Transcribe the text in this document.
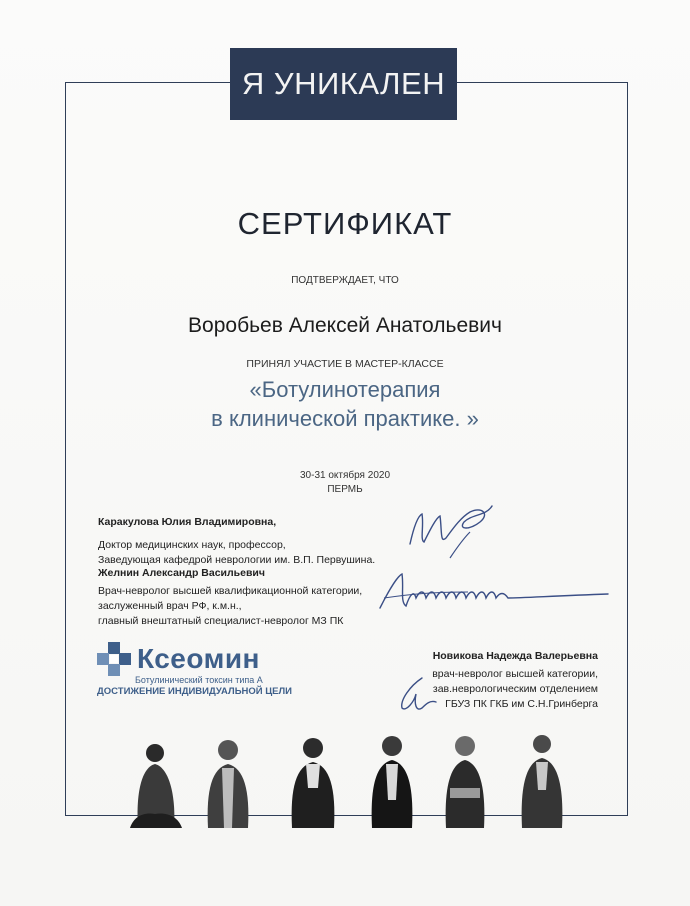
Я УНИКАЛЕН
СЕРТИФИКАТ
ПОДТВЕРЖДАЕТ, ЧТО
Воробьев Алексей Анатольевич
ПРИНЯЛ УЧАСТИЕ В МАСТЕР-КЛАССЕ
«Ботулинотерапия
в клинической практике. »
30-31 октября 2020
ПЕРМЬ
Каракулова Юлия Владимировна,
Доктор медицинских наук, профессор,
Заведующая кафедрой неврологии им. В.П. Первушина.
Желнин Александр Васильевич
Врач-невролог высшей квалификационной категории,
заслуженный врач РФ, к.м.н.,
главный внештатный специалист-невролог МЗ ПК
Новикова Надежда Валерьевна
врач-невролог высшей категории,
зав.неврологическим отделением
ГБУЗ ПК ГКБ им С.Н.Гринберга
Ксеомин
Ботулинический токсин типа А
ДОСТИЖЕНИЕ ИНДИВИДУАЛЬНОЙ ЦЕЛИ
